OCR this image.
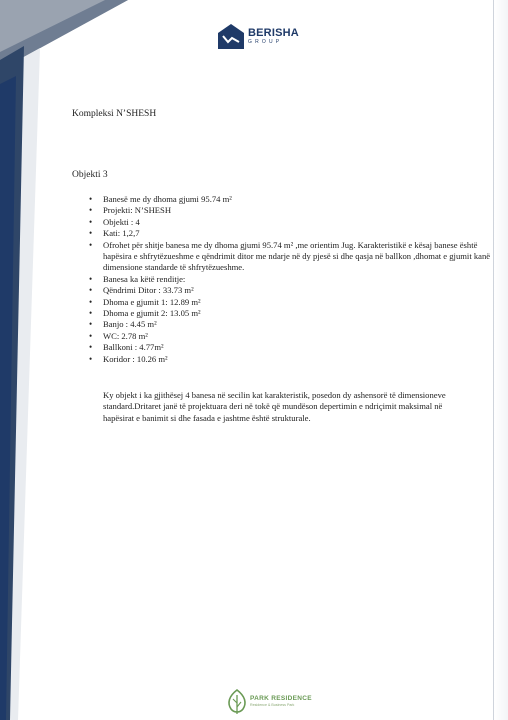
BERISHA
GROUP
Kompleksi N’SHESH
Objekti 3
• Banesë me dy dhoma gjumi 95.74 m²
• Projekti: N’SHESH
• Objekti : 4
• Kati: 1,2,7
• Ofrohet për shitje banesa me dy dhoma gjumi 95.74 m² ,me orientim Jug. Karakteristikë e kësaj banese është hapësira e shfrytëzueshme e qëndrimit ditor me ndarje në dy pjesë si dhe qasja në ballkon ,dhomat e gjumit kanë dimensione standarde të shfrytëzueshme.
• Banesa ka këtë renditje:
• Qëndrimi Ditor : 33.73 m²
• Dhoma e gjumit 1: 12.89 m²
• Dhoma e gjumit 2: 13.05 m²
• Banjo : 4.45 m²
• WC: 2.78 m²
• Ballkoni : 4.77m²
• Koridor : 10.26 m²
Ky objekt i ka gjithësej 4 banesa në secilin kat karakteristik, posedon dy ashensorë të dimensioneve standard.Dritaret janë të projektuara deri në tokë që mundëson depertimin e ndriçimit maksimal në hapësirat e banimit si dhe fasada e jashtme është strukturale.
PARK RESIDENCE
Residence & Business Park
